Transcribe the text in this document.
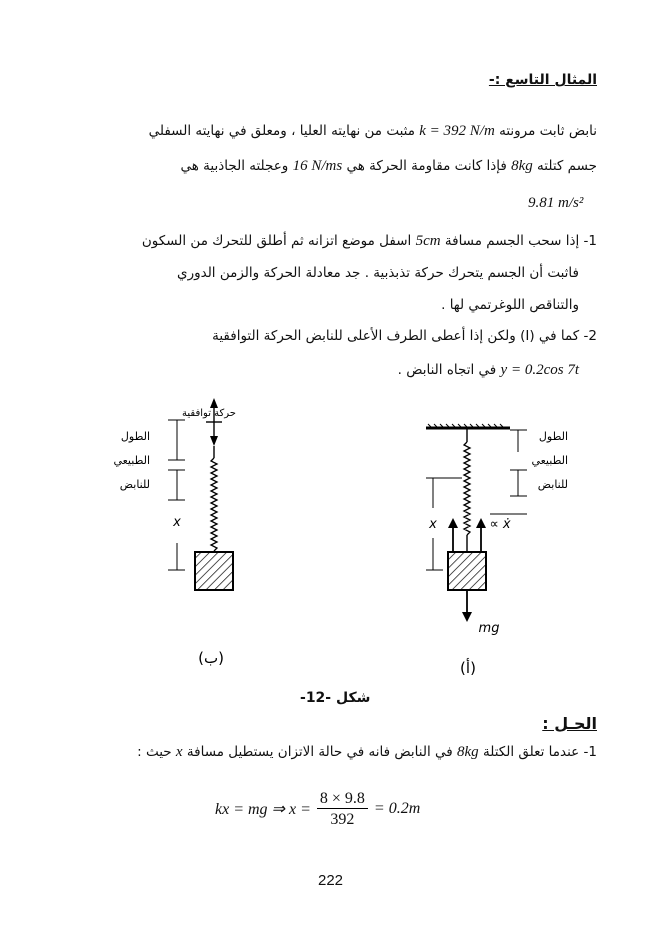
المثال التاسع :-
نابض ثابت مرونته k = 392 N/m مثبت من نهايته العليا ، ومعلق في نهايته السفلي
جسم كتلته 8kg فإذا كانت مقاومة الحركة هي 16 N/ms وعجلته الجاذبية هي
9.81 m/s²
1- إذا سحب الجسم مسافة 5cm اسفل موضع اتزانه ثم أطلق للتحرك من السكون
فاثبت أن الجسم يتحرك حركة تذبذبية . جد معادلة الحركة والزمن الدوري
والتناقص اللوغرتمي لها .
2- كما في (I) ولكن إذا أعطى الطرف الأعلى للنابض الحركة التوافقية
y = 0.2cos 7t في اتجاه النابض .
حركة توافقية
x
الطول
الطبيعي
للنابض
(ب)
mg
x	∝ ẋ
الطول
الطبيعي
للنابض
(أ)
شكل -12-
الحـل :
1- عندما تعلق الكتلة 8kg في النابض فانه في حالة الاتزان يستطيل مسافة x حيث :
kx = mg ⇒ $x = \frac{8 \times 9.8}{392} = 0.2m$
222
